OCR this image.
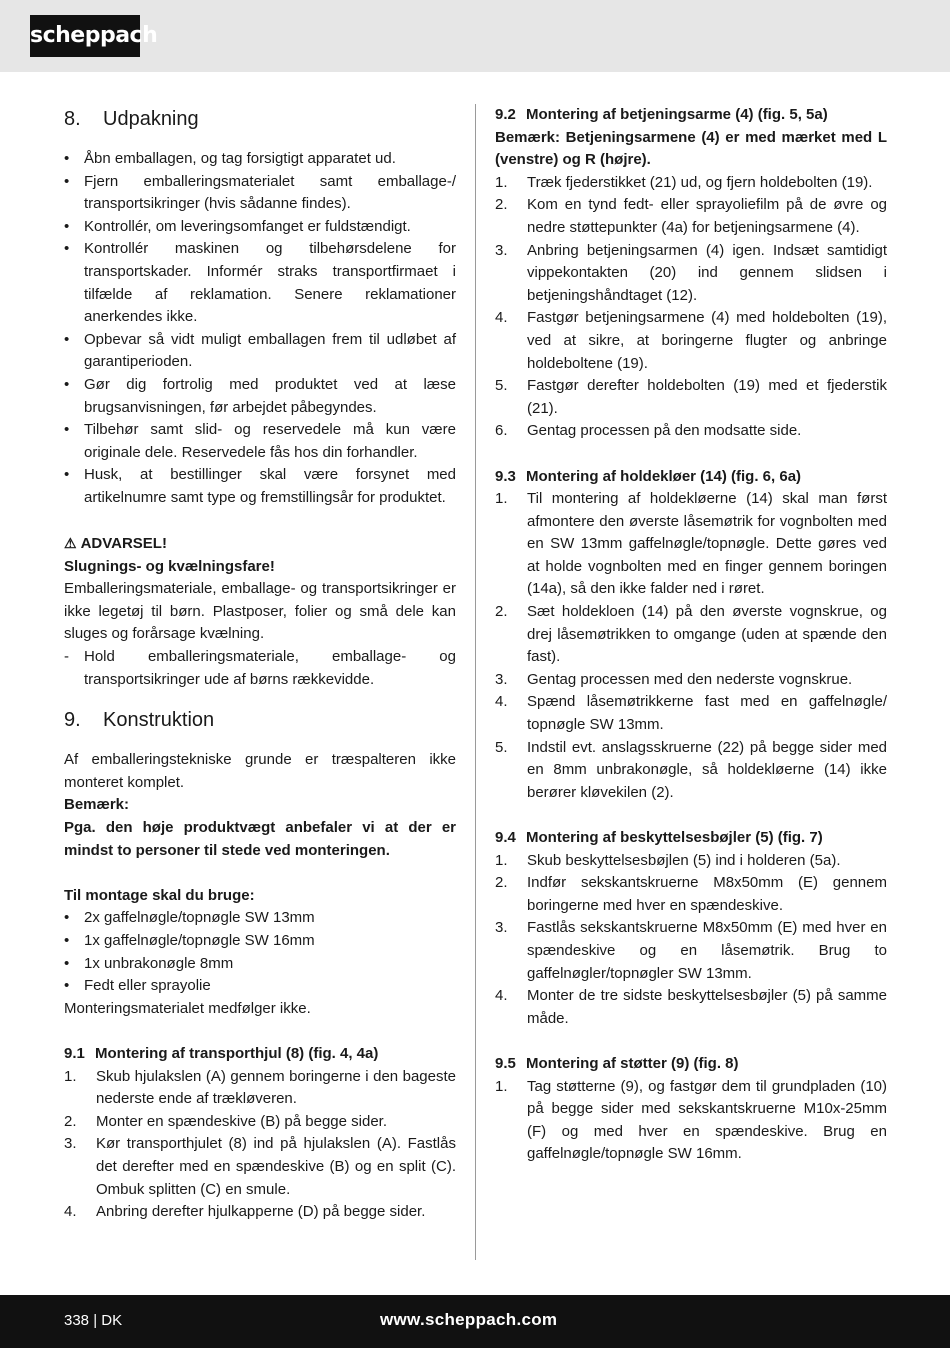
scheppach
8. Udpakning
• Åbn emballagen, og tag forsigtigt apparatet ud.
• Fjern emballeringsmaterialet samt emballage-/ transportsikringer (hvis sådanne findes).
• Kontrollér, om leveringsomfanget er fuldstændigt.
• Kontrollér maskinen og tilbehørsdelene for transportskader. Informér straks transportfirmaet i tilfælde af reklamation. Senere reklamationer anerkendes ikke.
• Opbevar så vidt muligt emballagen frem til udløbet af garantiperioden.
• Gør dig fortrolig med produktet ved at læse brugsanvisningen, før arbejdet påbegyndes.
• Tilbehør samt slid- og reservedele må kun være originale dele. Reservedele fås hos din forhandler.
• Husk, at bestillinger skal være forsynet med artikelnumre samt type og fremstillingsår for produktet.

⚠ ADVARSEL!

Slugnings- og kvælningsfare!

Emballeringsmateriale, emballage- og transportsikringer er ikke legetøj til børn. Plastposer, folier og små dele kan sluges og forårsage kvælning.

- Hold emballeringsmateriale, emballage- og transportsikringer ude af børns rækkevidde.
9. Konstruktion

Af emballeringstekniske grunde er træspalteren ikke monteret komplet.

Bemærk:

Pga. den høje produktvægt anbefaler vi at der er mindst to personer til stede ved monteringen.

Til montage skal du bruge:

• 2x gaffelnøgle/topnøgle SW 13mm
• 1x gaffelnøgle/topnøgle SW 16mm
• 1x unbrakonøgle 8mm
• Fedt eller sprayolie

Monteringsmaterialet medfølger ikke.

9.1 Montering af transporthjul (8) (fig. 4, 4a)
1. Skub hjulakslen (A) gennem boringerne i den bageste nederste ende af trækløveren.
2. Monter en spændeskive (B) på begge sider.
3. Kør transporthjulet (8) ind på hjulakslen (A). Fastlås det derefter med en spændeskive (B) og en split (C). Ombuk splitten (C) en smule.
4. Anbring derefter hjulkapperne (D) på begge sider.
9.2 Montering af betjeningsarme (4) (fig. 5, 5a)

Bemærk: Betjeningsarmene (4) er med mærket med L (venstre) og R (højre).

1. Træk fjederstikket (21) ud, og fjern holdebolten (19).
2. Kom en tynd fedt- eller sprayoliefilm på de øvre og nedre støttepunkter (4a) for betjeningsarmene (4).
3. Anbring betjeningsarmen (4) igen. Indsæt samtidigt vippekontakten (20) ind gennem slidsen i betjeningshåndtaget (12).
4. Fastgør betjeningsarmene (4) med holdebolten (19), ved at sikre, at boringerne flugter og anbringe holdeboltene (19).
5. Fastgør derefter holdebolten (19) med et fjederstik (21).
6. Gentag processen på den modsatte side.
9.3 Montering af holdekløer (14) (fig. 6, 6a)
1. Til montering af holdekløerne (14) skal man først afmontere den øverste låsemøtrik for vognbolten med en SW 13mm gaffelnøgle/topnøgle. Dette gøres ved at holde vognbolten med en finger gennem boringen (14a), så den ikke falder ned i røret.
2. Sæt holdekloen (14) på den øverste vognskrue, og drej låsemøtrikken to omgange (uden at spænde den fast).
3. Gentag processen med den nederste vognskrue.
4. Spænd låsemøtrikkerne fast med en gaffelnøgle/ topnøgle SW 13mm.
5. Indstil evt. anslagsskruerne (22) på begge sider med en 8mm unbrakonøgle, så holdekløerne (14) ikke berører kløvekilen (2).
9.4 Montering af beskyttelsesbøjler (5) (fig. 7)
1. Skub beskyttelsesbøjlen (5) ind i holderen (5a).
2. Indfør sekskantskruerne M8x50mm (E) gennem boringerne med hver en spændeskive.
3. Fastlås sekskantskruerne M8x50mm (E) med hver en spændeskive og en låsemøtrik. Brug to gaffelnøgler/topnøgler SW 13mm.
4. Monter de tre sidste beskyttelsesbøjler (5) på samme måde.
9.5 Montering af støtter (9) (fig. 8)
1. Tag støtterne (9), og fastgør dem til grundpladen (10) på begge sider med sekskantskruerne M10x-25mm (F) og med hver en spændeskive. Brug en gaffelnøgle/topnøgle SW 16mm.
338 | DK	www.scheppach.com
